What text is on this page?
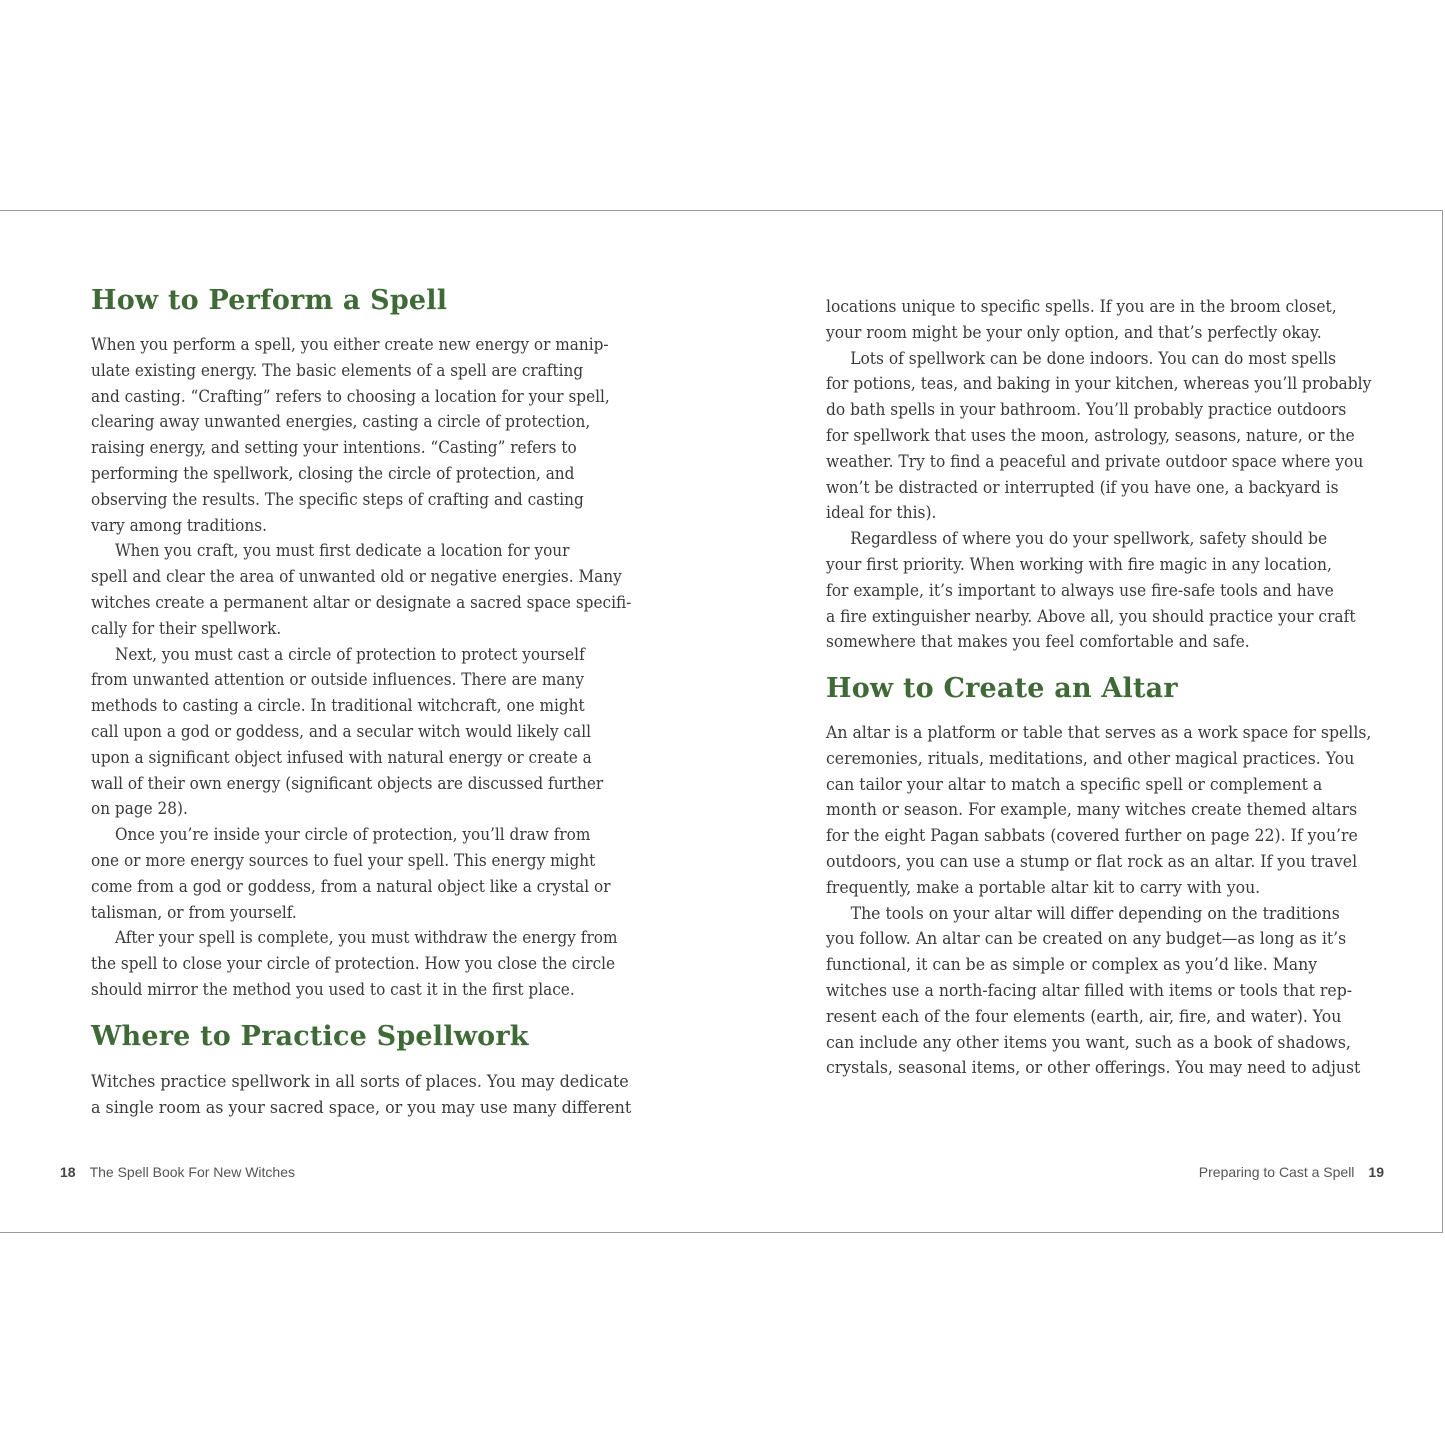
How to Perform a Spell
When you perform a spell, you either create new energy or manip-
ulate existing energy. The basic elements of a spell are crafting
and casting. “Crafting” refers to choosing a location for your spell,
clearing away unwanted energies, casting a circle of protection,
raising energy, and setting your intentions. “Casting” refers to
performing the spellwork, closing the circle of protection, and
observing the results. The specific steps of crafting and casting
vary among traditions.
When you craft, you must first dedicate a location for your
spell and clear the area of unwanted old or negative energies. Many
witches create a permanent altar or designate a sacred space specifi-
cally for their spellwork.
Next, you must cast a circle of protection to protect yourself
from unwanted attention or outside influences. There are many
methods to casting a circle. In traditional witchcraft, one might
call upon a god or goddess, and a secular witch would likely call
upon a significant object infused with natural energy or create a
wall of their own energy (significant objects are discussed further
on page 28).
Once you’re inside your circle of protection, you’ll draw from
one or more energy sources to fuel your spell. This energy might
come from a god or goddess, from a natural object like a crystal or
talisman, or from yourself.
After your spell is complete, you must withdraw the energy from
the spell to close your circle of protection. How you close the circle
should mirror the method you used to cast it in the first place.
Where to Practice Spellwork
Witches practice spellwork in all sorts of places. You may dedicate
a single room as your sacred space, or you may use many different
18 The Spell Book For New Witches
locations unique to specific spells. If you are in the broom closet,
your room might be your only option, and that’s perfectly okay.
Lots of spellwork can be done indoors. You can do most spells
for potions, teas, and baking in your kitchen, whereas you’ll probably
do bath spells in your bathroom. You’ll probably practice outdoors
for spellwork that uses the moon, astrology, seasons, nature, or the
weather. Try to find a peaceful and private outdoor space where you
won’t be distracted or interrupted (if you have one, a backyard is
ideal for this).
Regardless of where you do your spellwork, safety should be
your first priority. When working with fire magic in any location,
for example, it’s important to always use fire-safe tools and have
a fire extinguisher nearby. Above all, you should practice your craft
somewhere that makes you feel comfortable and safe.
How to Create an Altar
An altar is a platform or table that serves as a work space for spells,
ceremonies, rituals, meditations, and other magical practices. You
can tailor your altar to match a specific spell or complement a
month or season. For example, many witches create themed altars
for the eight Pagan sabbats (covered further on page 22). If you’re
outdoors, you can use a stump or flat rock as an altar. If you travel
frequently, make a portable altar kit to carry with you.
The tools on your altar will differ depending on the traditions
you follow. An altar can be created on any budget—as long as it’s
functional, it can be as simple or complex as you’d like. Many
witches use a north-facing altar filled with items or tools that rep-
resent each of the four elements (earth, air, fire, and water). You
can include any other items you want, such as a book of shadows,
crystals, seasonal items, or other offerings. You may need to adjust
Preparing to Cast a Spell 19
